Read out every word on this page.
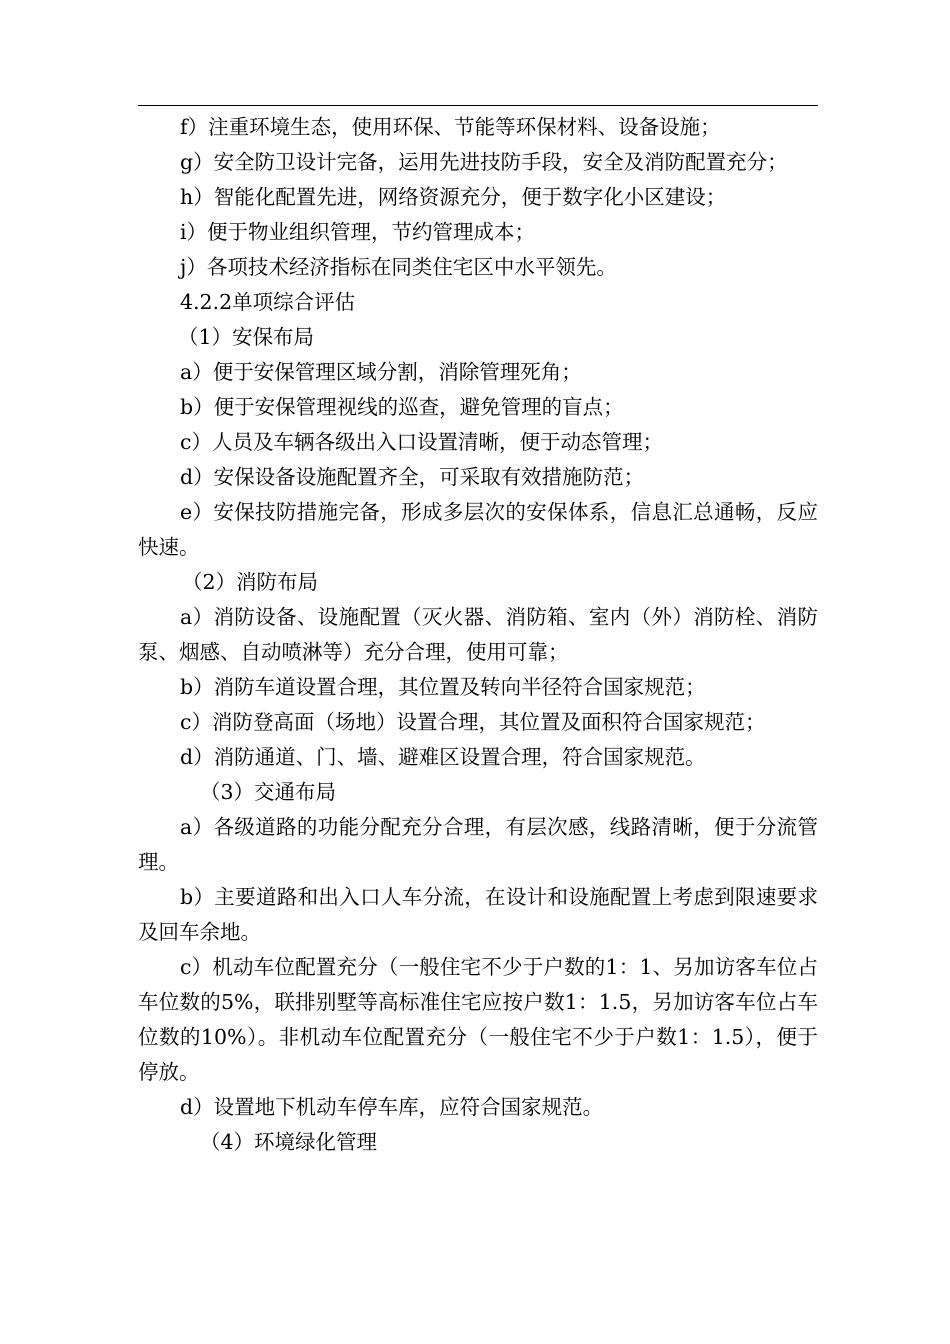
f）注重环境生态，使用环保、节能等环保材料、设备设施；

g）安全防卫设计完备，运用先进技防手段，安全及消防配置充分；

h）智能化配置先进，网络资源充分，便于数字化小区建设；

i）便于物业组织管理，节约管理成本；

j）各项技术经济指标在同类住宅区中水平领先。

4.2.2单项综合评估

（1）安保布局

a）便于安保管理区域分割，消除管理死角；

b）便于安保管理视线的巡查，避免管理的盲点；

c）人员及车辆各级出入口设置清晰，便于动态管理；

d）安保设备设施配置齐全，可采取有效措施防范；

e）安保技防措施完备，形成多层次的安保体系，信息汇总通畅，反应快速。

（2）消防布局

a）消防设备、设施配置（灭火器、消防箱、室内（外）消防栓、消防泵、烟感、自动喷淋等）充分合理，使用可靠；

b）消防车道设置合理，其位置及转向半径符合国家规范；

c）消防登高面（场地）设置合理，其位置及面积符合国家规范；

d）消防通道、门、墙、避难区设置合理，符合国家规范。

（3）交通布局

a）各级道路的功能分配充分合理，有层次感，线路清晰，便于分流管理。

b）主要道路和出入口人车分流，在设计和设施配置上考虑到限速要求及回车余地。

c）机动车位配置充分（一般住宅不少于户数的1：1、另加访客车位占车位数的5%，联排别墅等高标准住宅应按户数1：1.5，另加访客车位占车位数的10%）。非机动车位配置充分（一般住宅不少于户数1：1.5），便于停放。

d）设置地下机动车停车库，应符合国家规范。

（4）环境绿化管理
